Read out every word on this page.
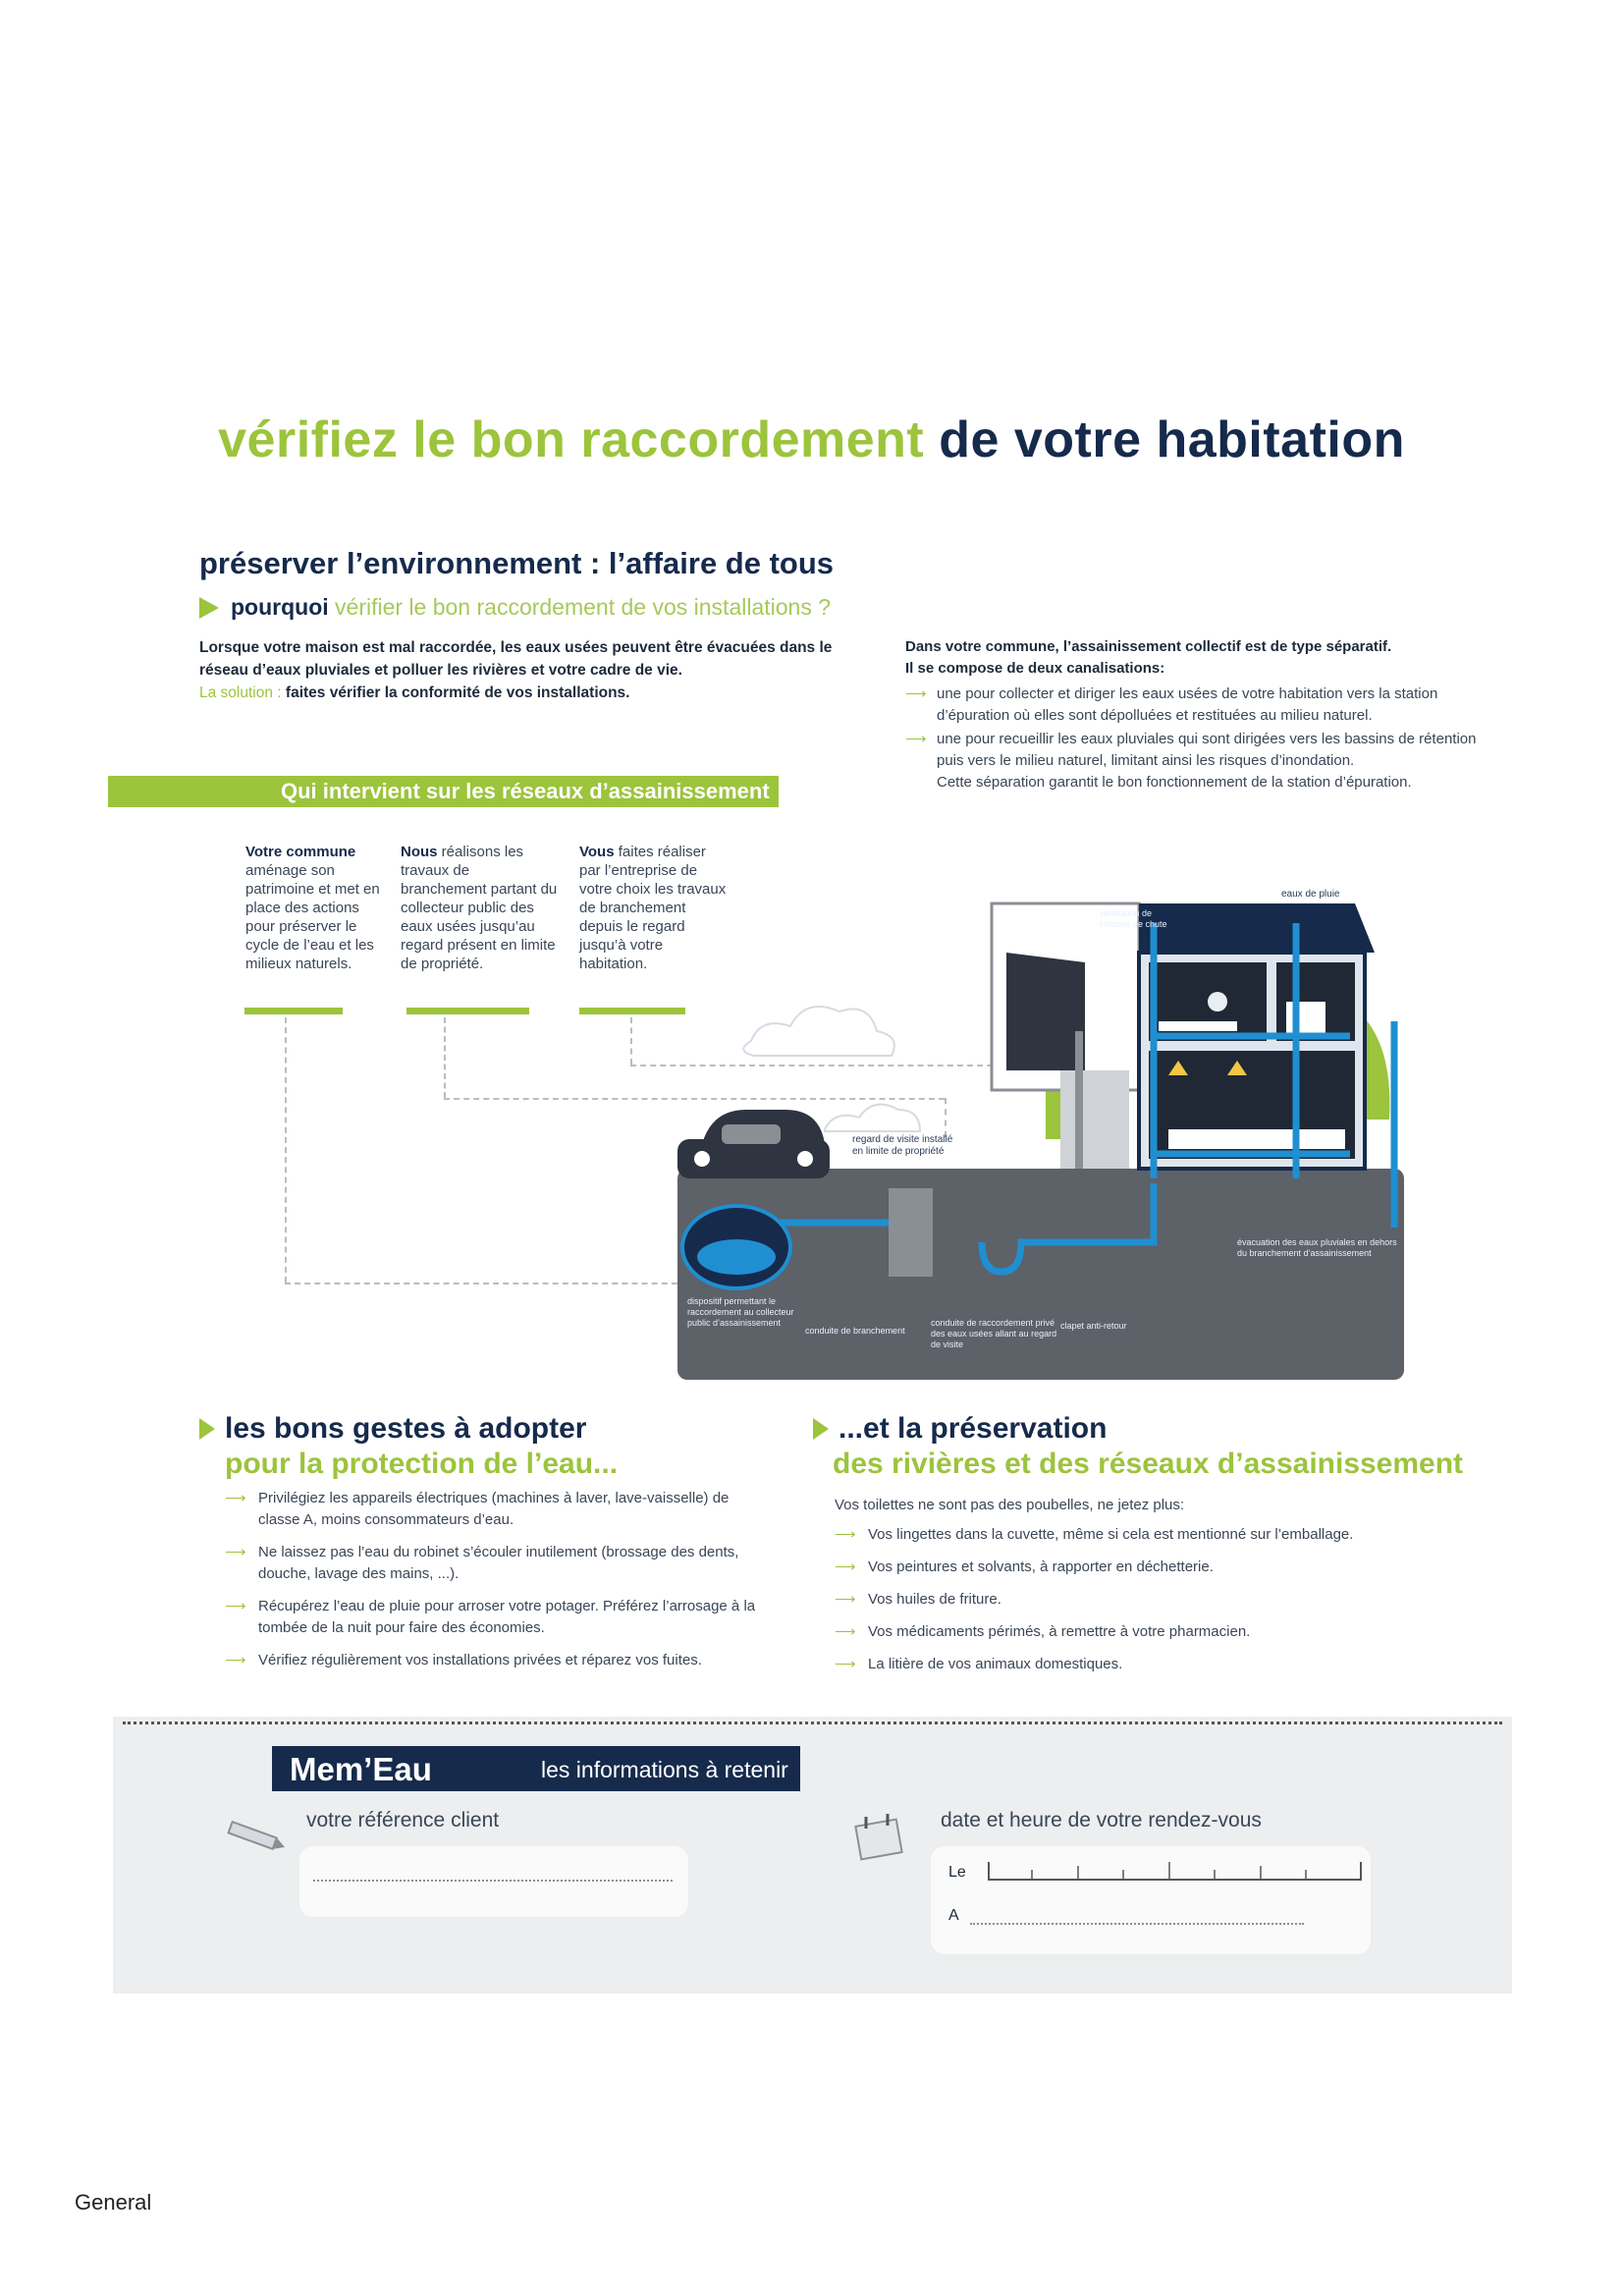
vérifiez le bon raccordement de votre habitation
préserver l’environnement : l’affaire de tous
pourquoi vérifier le bon raccordement de vos installations ?
Lorsque votre maison est mal raccordée, les eaux usées peuvent être évacuées dans le réseau d’eaux pluviales et polluer les rivières et votre cadre de vie.
La solution : faites vérifier la conformité de vos installations.
Dans votre commune, l’assainissement collectif est de type séparatif.
Il se compose de deux canalisations:
⟶ une pour collecter et diriger les eaux usées de votre habitation vers la station d’épuration où elles sont dépolluées et restituées au milieu naturel.
⟶ une pour recueillir les eaux pluviales qui sont dirigées vers les bassins de rétention puis vers le milieu naturel, limitant ainsi les risques d’inondation.
Cette séparation garantit le bon fonctionnement de la station d’épuration.
Qui intervient sur les réseaux d’assainissement ?
Votre commune
aménage son patrimoine et met en place des actions pour préserver le cycle de l’eau et les milieux naturels.
Nous réalisons les travaux de branchement partant du collecteur public des eaux usées jusqu’au regard présent en limite de propriété.
Vous faites réaliser par l’entreprise de votre choix les travaux de branchement depuis le regard jusqu’à votre habitation.
ventilation de colonne de chute
eaux de pluie
regard de visite installé en limite de propriété
dispositif permettant le raccordement au collecteur public d’assainissement
conduite de branchement
conduite de raccordement privé des eaux usées allant au regard de visite
clapet anti-retour
évacuation des eaux pluviales en dehors du branchement d’assainissement
les bons gestes à adopter
pour la protection de l’eau...
⟶ Privilégiez les appareils électriques (machines à laver, lave-vaisselle) de classe A, moins consommateurs d’eau.
⟶ Ne laissez pas l’eau du robinet s’écouler inutilement (brossage des dents, douche, lavage des mains, ...).
⟶ Récupérez l’eau de pluie pour arroser votre potager. Préférez l’arrosage à la tombée de la nuit pour faire des économies.
⟶ Vérifiez régulièrement vos installations privées et réparez vos fuites.
...et la préservation
des rivières et des réseaux d’assainissement
Vos toilettes ne sont pas des poubelles, ne jetez plus:
⟶ Vos lingettes dans la cuvette, même si cela est mentionné sur l’emballage.
⟶ Vos peintures et solvants, à rapporter en déchetterie.
⟶ Vos huiles de friture.
⟶ Vos médicaments périmés, à remettre à votre pharmacien.
⟶ La litière de vos animaux domestiques.
Mem’Eau	les informations à retenir
votre référence client	date et heure de votre rendez-vous
Le
A
General
